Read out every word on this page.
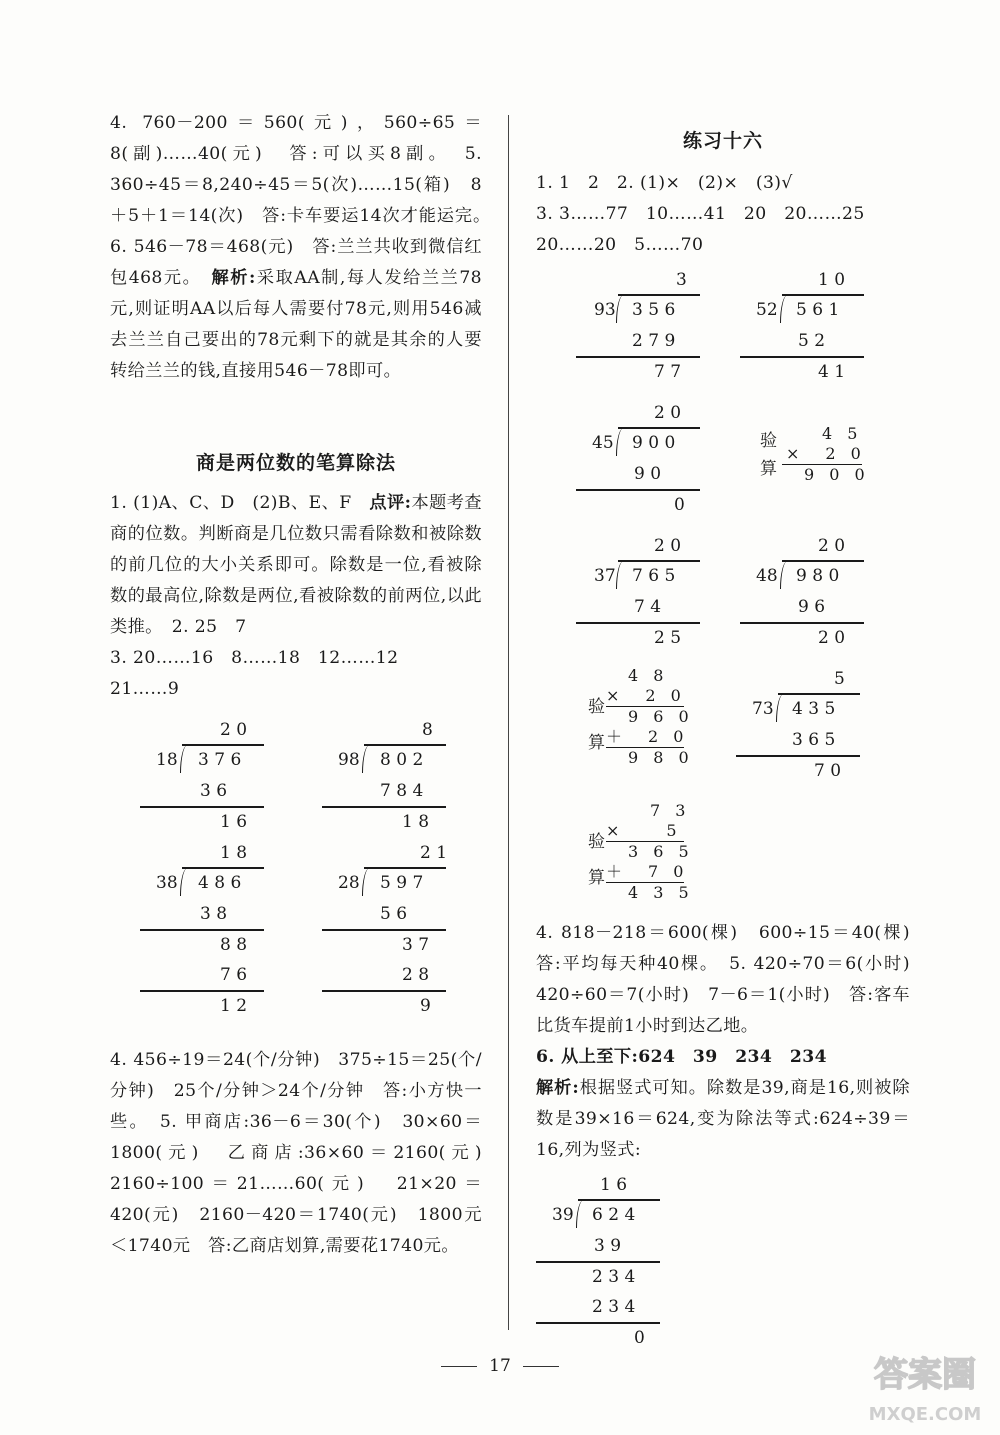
4. 760－200＝560(元)，560÷65＝8(副)……40(元)　答:可以买8副。　5. 360÷45＝8,240÷45＝5(次)……15(箱)　8＋5＋1＝14(次)　答:卡车要运14次才能运完。　6. 546－78＝468(元)　答:兰兰共收到微信红包468元。　解析:采取AA制,每人发给兰兰78元,则证明AA以后每人需要付78元,则用546减去兰兰自己要出的78元剩下的就是其余的人要转给兰兰的钱,直接用546－78即可。
商是两位数的笔算除法
1. (1)A、C、D　(2)B、E、F　点评:本题考查商的位数。判断商是几位数只需看除数和被除数的前几位的大小关系即可。除数是一位,看被除数的最高位,除数是两位,看被除数的前两位,以此类推。　2. 25　7
3. 20……16　8……18　12……12
21……9
2 0
18 3 7 6
3 6
1 6
8
98 8 0 2
7 8 4
1 8
1 8
38 4 8 6
3 8
8 8
7 6
1 2
2 1
28 5 9 7
5 6
3 7
2 8
9
4. 456÷19＝24(个/分钟)　375÷15＝25(个/分钟)　25个/分钟＞24个/分钟　答:小方快一些。　5. 甲商店:36－6＝30(个)　30×60＝1800(元)　乙商店:36×60＝2160(元)　2160÷100＝21……60(元)　21×20＝420(元)　2160－420＝1740(元)　1800元＜1740元　答:乙商店划算,需要花1740元。
练习十六
1. 1　2　2. (1)×　(2)×　(3)√
3. 3……77　10……41　20　20……25
20……20　5……70
3
93 3 5 6
2 7 9
7 7
1 0
52 5 6 1
5 2
4 1
2 0
45 9 0 0
9 0
0
验
算
4 5
×　2 0
9 0 0
2 0
37 7 6 5
7 4
2 5
2 0
48 9 8 0
9 6
2 0
验
算
4 8
×　2 0
9 6 0
＋　2 0
9 8 0
5
73 4 3 5
3 6 5
7 0
验
算
7 3
×　　5
3 6 5
＋　7 0
4 3 5
4. 818－218＝600(棵)　600÷15＝40(棵)　答:平均每天种40棵。　5. 420÷70＝6(小时)　420÷60＝7(小时)　7－6＝1(小时)　答:客车比货车提前1小时到达乙地。
6. 从上至下:624　39　234　234
解析:根据竖式可知。除数是39,商是16,则被除数是39×16＝624,变为除法等式:624÷39＝16,列为竖式:
1 6
39 6 2 4
3 9
2 3 4
2 3 4
0
17	答案圈
MXQE.COM
